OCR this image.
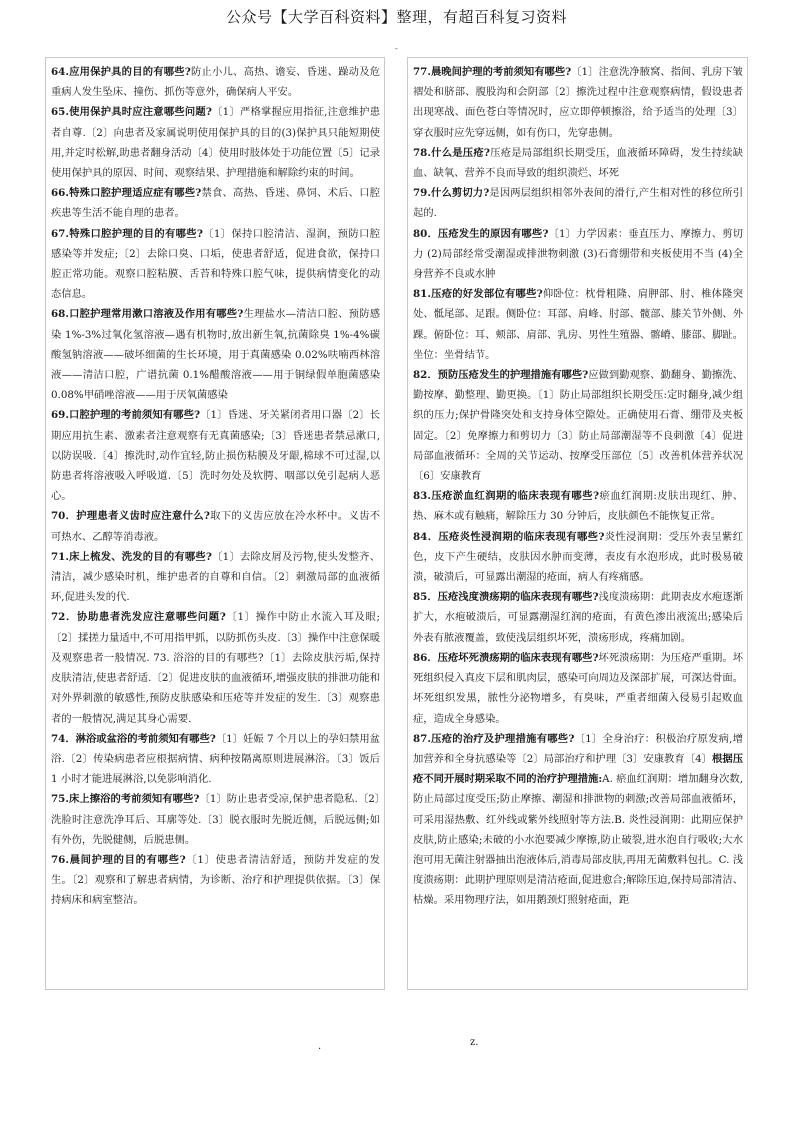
公众号【大学百科资料】整理，有超百科复习资料
-

64.应用保护具的目的有哪些?防止小儿、高热、谵妄、昏迷、躁动及危重病人发生坠床、撞伤、抓伤等意外，确保病人平安。

65.使用保护具时应注意哪些问题?〔1〕严格掌握应用指征,注意维护患者自尊.〔2〕向患者及家属说明使用保护具的目的(3)保护具只能短期使用,并定时松解,助患者翻身活动〔4〕使用时肢体处于功能位置〔5〕记录使用保护具的原因、时间、观察结果、护理措施和解除约束的时间。

66.特殊口腔护理适应症有哪些?禁食、高热、昏迷、鼻饲、术后、口腔疾患等生活不能自理的患者。

67.特殊口腔护理的目的有哪些?〔1〕保持口腔清洁、湿润，预防口腔感染等并发症;〔2〕去除口臭、口垢，使患者舒适，促进食欲，保持口腔正常功能。观察口腔粘膜、舌苔和特殊口腔气味，提供病情变化的动态信息。

68.口腔护理常用漱口溶液及作用有哪些?生理盐水—清洁口腔、预防感染 1%-3%过氧化氢溶液—遇有机物时,放出新生氧,抗菌除臭 1%-4%碳酸氢钠溶液——破坏细菌的生长环境，用于真菌感染 0.02%呋喃西林溶液——清洁口腔，广谱抗菌 0.1%醋酸溶液——用于铜绿假单胞菌感染 0.08%甲硝唑溶液——用于厌氧菌感染

69.口腔护理的考前须知有哪些?〔1〕昏迷、牙关紧闭者用口器〔2〕长期应用抗生素、激素者注意观察有无真菌感染;〔3〕昏迷患者禁忌漱口,以防误吸.〔4〕擦洗时,动作宜轻,防止损伤粘膜及牙龈,棉球不可过湿,以防患者将溶液吸入呼吸道.〔5〕洗时勿处及软腭、咽部以免引起病人恶心。

70．护理患者义齿时应注意什么?取下的义齿应放在冷水杯中。义齿不可热水、乙醇等消毒液。

71.床上梳发、洗发的目的有哪些?〔1〕去除皮屑及污物,使头发整齐、清洁，减少感染时机，维护患者的自尊和自信。〔2〕刺激局部的血液循环,促进头发的代.

72．协助患者洗发应注意哪些问题?〔1〕操作中防止水流入耳及眼;〔2〕揉搓力量适中,不可用指甲抓，以防抓伤头皮.〔3〕操作中注意保暖及观察患者一般情况. 73. 浴浴的目的有哪些?〔1〕去除皮肤污垢,保持皮肤清洁,使患者舒适.〔2〕促进皮肤的血液循环,增强皮肤的排泄功能和对外界刺激的敏感性,预防皮肤感染和压疮等并发症的发生.〔3〕观察患者的一般情况,满足其身心需要.

74．淋浴或盆浴的考前须知有哪些?〔1〕妊娠 7 个月以上的孕妇禁用盆浴.〔2〕传染病患者应根据病情、病种按隔离原则进展淋浴。〔3〕饭后 1 小时才能进展淋浴,以免影响消化.

75.床上擦浴的考前须知有哪些?〔1〕防止患者受凉,保护患者隐私.〔2〕洗脸时注意洗净耳后、耳廓等处.〔3〕脱衣服时先脱近侧，后脱远侧;如有外伤，先脱健侧，后脱患侧。

76.晨间护理的目的有哪些?〔1〕使患者清洁舒适，预防并发症的发生。〔2〕观察和了解患者病情，为诊断、治疗和护理提供依据。〔3〕保持病床和病室整洁。

77.晨晚间护理的考前须知有哪些?〔1〕注意洗净腋窝、指间、乳房下皱褶处和脐部、腹股沟和会阴部〔2〕擦洗过程中注意观察病情，假设患者出现寒战、面色苍白等情况时，应立即停顿擦浴，给予适当的处理〔3〕穿衣服时应先穿远侧，如有伤口，先穿患侧。

78.什么是压疮?压疮是局部组织长期受压，血液循环障碍，发生持续缺血、缺氧、营养不良而导致的组织溃烂、坏死

79.什么剪切力?是因两层组织相邻外表间的滑行,产生相对性的移位所引起的.

80．压疮发生的原因有哪些?〔1〕力学因素：垂直压力、摩擦力、剪切力 (2)局部经常受潮湿或排泄物刺激 (3)石膏绷带和夹板使用不当 (4)全身营养不良或水肿

81.压疮的好发部位有哪些?仰卧位：枕骨粗隆、肩胛部、肘、椎体隆突处、骶尾部、足跟。侧卧位：耳部、肩峰、肘部、髋部、膝关节外侧、外踝。俯卧位：耳、颊部、肩部、乳房、男性生殖器、髂嵴、膝部、脚趾。坐位：坐骨结节。

82．预防压疮发生的护理措施有哪些?应做到勤观察、勤翻身、勤擦洗、勤按摩、勤整理、勤更换。〔1〕防止局部组织长期受压:定时翻身,减少组织的压力;保护骨隆突处和支持身体空隙处。正确使用石膏、绷带及夹板固定。〔2〕免摩擦力和剪切力〔3〕防止局部潮湿等不良刺激〔4〕促进局部血液循环：全周的关节运动、按摩受压部位〔5〕改善机体营养状况〔6〕安康教育

83.压疮淤血红润期的临床表现有哪些?瘀血红润期:皮肤出现红、肿、热、麻木或有触痛，解除压力 30 分钟后，皮肤颜色不能恢复正常。

84．压疮炎性浸润期的临床表现有哪些?炎性浸润期：受压外表呈紫红色，皮下产生硬结，皮肤因水肿而变薄，表皮有水泡形成，此时极易破溃，破溃后，可显露出潮湿的疮面，病人有疼痛感。

85．压疮浅度溃疡期的临床表现有哪些?浅度溃疡期：此期表皮水疱逐渐扩大，水疱破溃后，可显露潮湿红润的疮面，有黄色渗出液流出;感染后外表有脓液覆盖，致使浅层组织坏死，溃疡形成，疼痛加剧。

86．压疮坏死溃疡期的临床表现有哪些?坏死溃疡期：为压疮严重期。坏死组织侵入真皮下层和肌肉层，感染可向周边及深部扩展，可深达骨面。坏死组织发黑，脓性分泌物增多，有臭味，严重者细菌入侵易引起败血症，造成全身感染。

87.压疮的治疗及护理措施有哪些?〔1〕全身治疗：积极治疗原发病,增加营养和全身抗感染等〔2〕局部治疗和护理〔3〕安康教育〔4〕根据压疮不同开展时期采取不同的治疗护理措施:A. 瘀血红润期：增加翻身次数,防止局部过度受压;防止摩擦、潮湿和排泄物的刺激;改善局部血液循环，可采用湿热敷、红外线或紫外线照射等方法.B. 炎性浸润期：此期应保护皮肤,防止感染;未破的小水泡要减少摩擦,防止破裂,进水泡自行吸收;大水泡可用无菌注射器抽出泡液体后,消毒局部皮肤,再用无菌敷料包扎。C. 浅度溃疡期：此期护理原则是清洁疮面,促进愈合;解除压迫,保持局部清洁、枯燥。采用物理疗法，如用鹅颈灯照射疮面，距

.	z.
